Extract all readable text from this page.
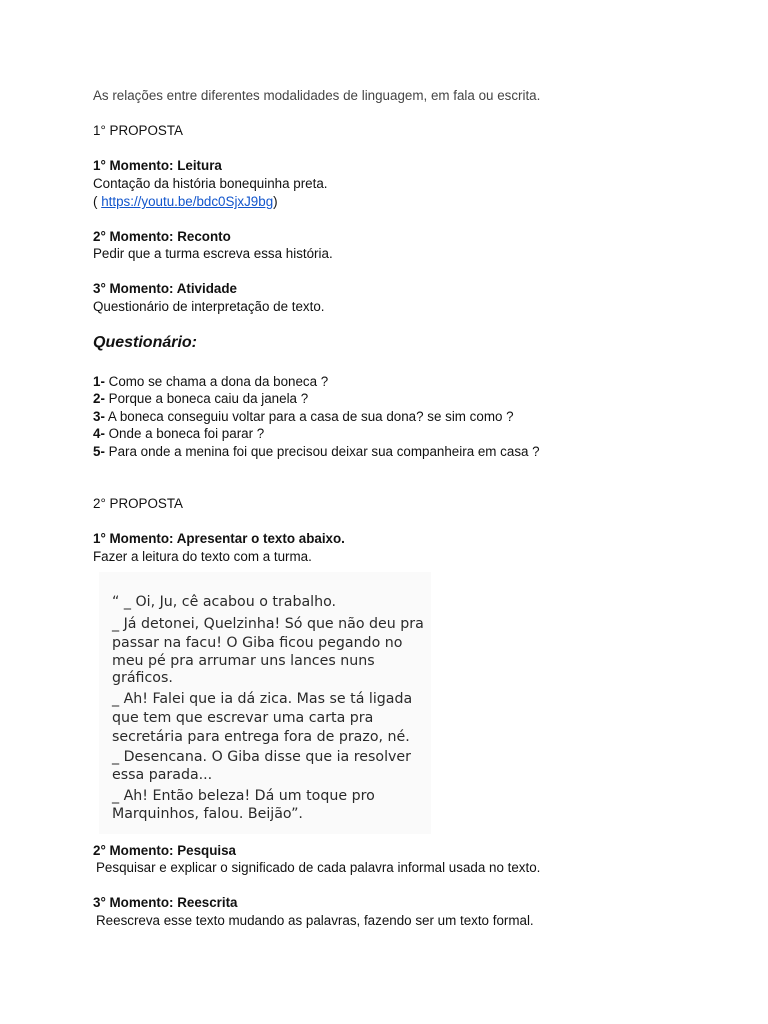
As relações entre diferentes modalidades de linguagem, em fala ou escrita.
1° PROPOSTA
1° Momento: Leitura
Contação da história bonequinha preta.
( https://youtu.be/bdc0SjxJ9bg)
2° Momento: Reconto
Pedir que a turma escreva essa história.
3° Momento: Atividade
Questionário de interpretação de texto.
Questionário:
1- Como se chama a dona da boneca ?
2- Porque a boneca caiu da janela ?
3- A boneca conseguiu voltar para a casa de sua dona? se sim como ?
4- Onde a boneca foi parar ?
5- Para onde a menina foi que precisou deixar sua companheira em casa ?
2° PROPOSTA
1° Momento: Apresentar o texto abaixo.
Fazer a leitura do texto com a turma.
“ _ Oi, Ju, cê acabou o trabalho.
_ Já detonei, Quelzinha! Só que não deu pra
passar na facu! O Giba ficou pegando no
meu pé pra arrumar uns lances nuns
gráficos.
_ Ah! Falei que ia dá zica. Mas se tá ligada
que tem que escrevar uma carta pra
secretária para entrega fora de prazo, né.
_ Desencana. O Giba disse que ia resolver
essa parada...
_ Ah! Então beleza! Dá um toque pro
Marquinhos, falou. Beijão”.
2° Momento: Pesquisa
Pesquisar e explicar o significado de cada palavra informal usada no texto.
3° Momento: Reescrita
Reescreva esse texto mudando as palavras, fazendo ser um texto formal.
